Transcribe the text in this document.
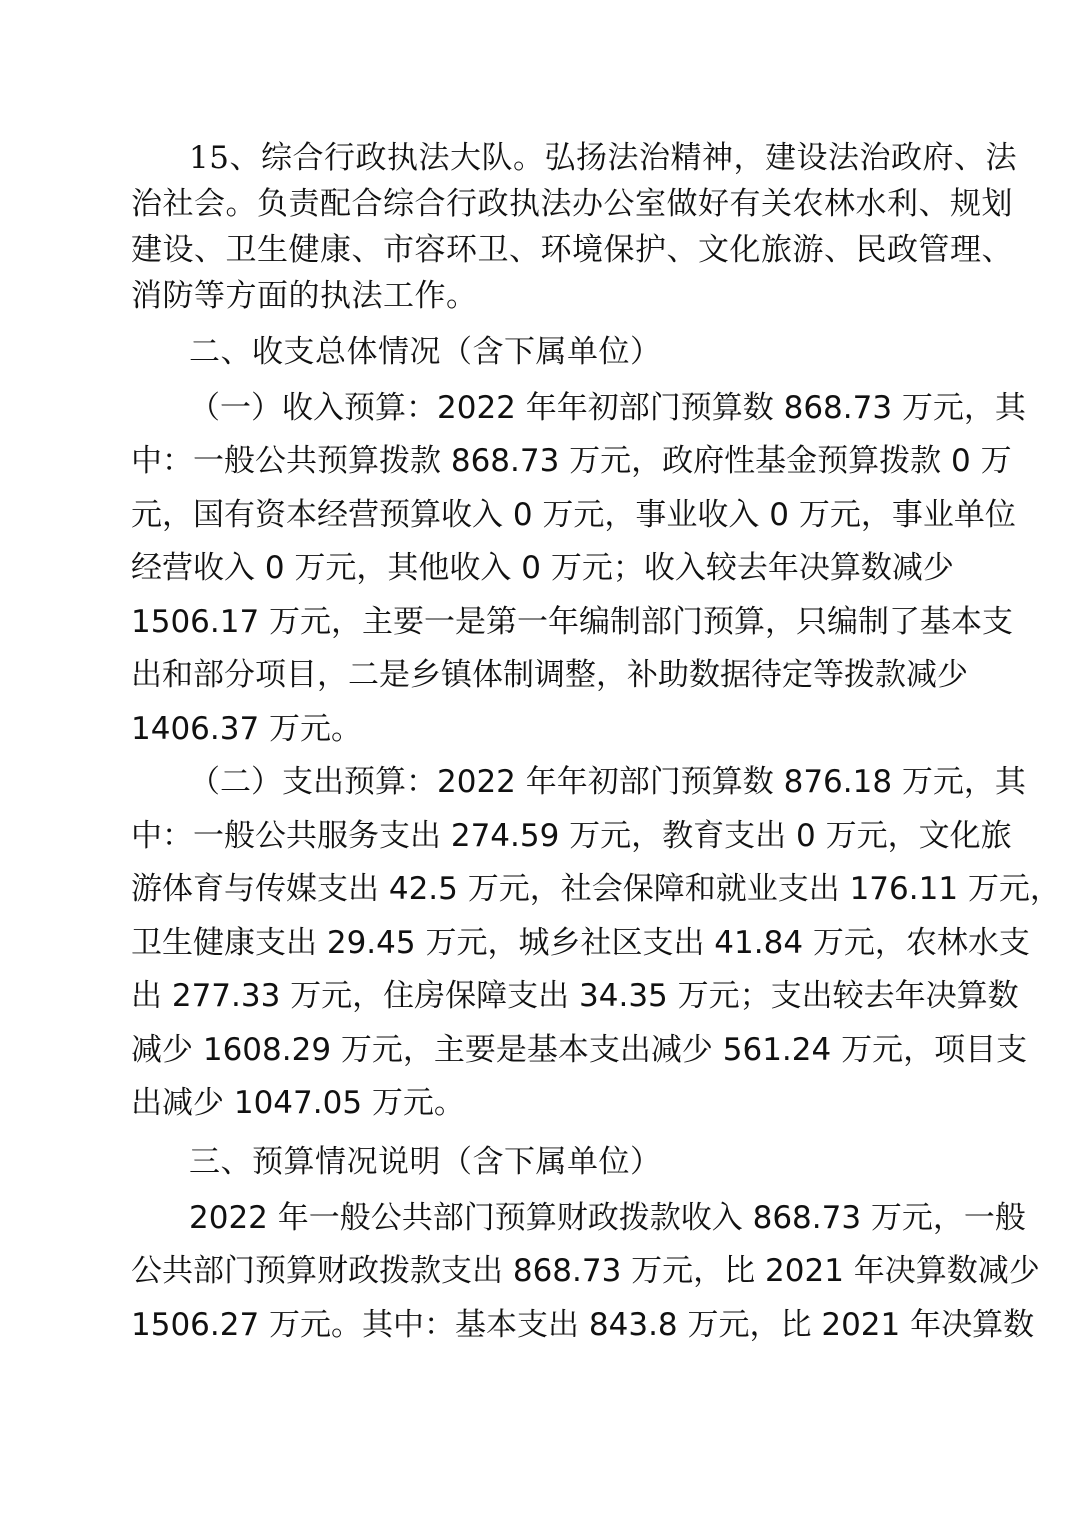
15、综合行政执法大队。弘扬法治精神，建设法治政府、法

治社会。负责配合综合行政执法办公室做好有关农林水利、规划

建设、卫生健康、市容环卫、环境保护、文化旅游、民政管理、

消防等方面的执法工作。

二、收支总体情况（含下属单位）

（一）收入预算：2022 年年初部门预算数 868.73 万元，其

中：一般公共预算拨款 868.73 万元，政府性基金预算拨款 0 万

元，国有资本经营预算收入 0 万元，事业收入 0 万元，事业单位

经营收入 0 万元，其他收入 0 万元；收入较去年决算数减少

1506.17 万元，主要一是第一年编制部门预算，只编制了基本支

出和部分项目，二是乡镇体制调整，补助数据待定等拨款减少

1406.37 万元。

（二）支出预算：2022 年年初部门预算数 876.18 万元，其

中：一般公共服务支出 274.59 万元，教育支出 0 万元，文化旅

游体育与传媒支出 42.5 万元，社会保障和就业支出 176.11 万元，

卫生健康支出 29.45 万元，城乡社区支出 41.84 万元，农林水支

出 277.33 万元，住房保障支出 34.35 万元；支出较去年决算数

减少 1608.29 万元，主要是基本支出减少 561.24 万元，项目支

出减少 1047.05 万元。

三、预算情况说明（含下属单位）

2022 年一般公共部门预算财政拨款收入 868.73 万元，一般

公共部门预算财政拨款支出 868.73 万元，比 2021 年决算数减少

1506.27 万元。其中：基本支出 843.8 万元，比 2021 年决算数
